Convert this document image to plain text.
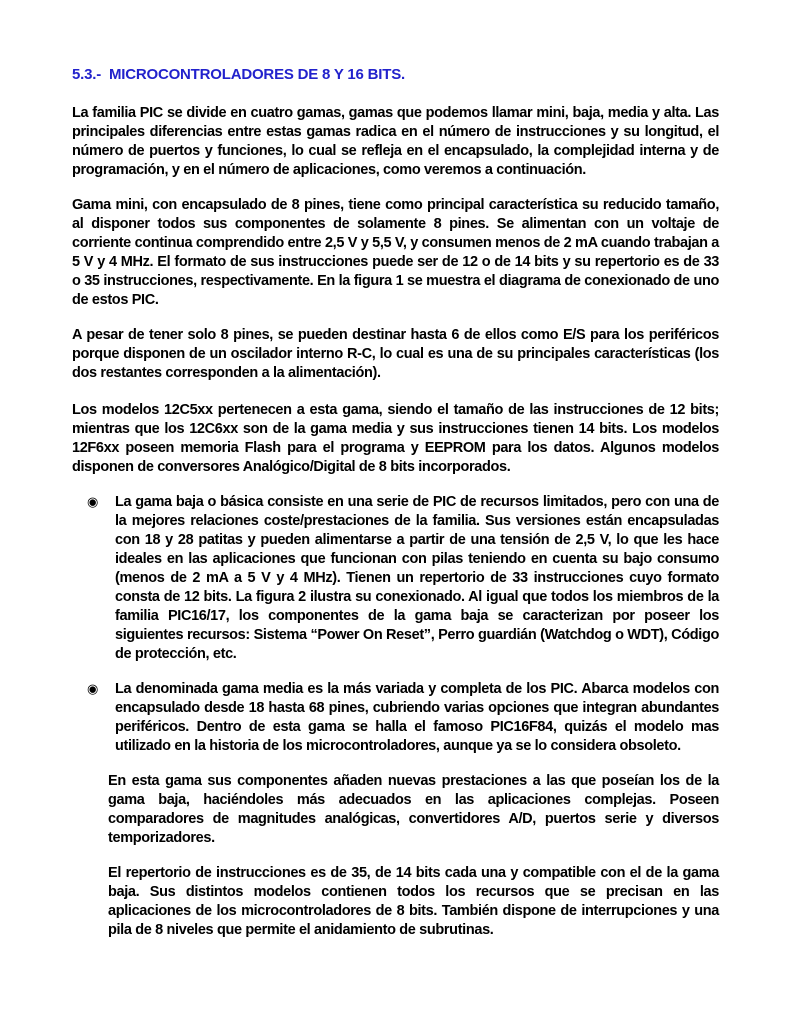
5.3.-  MICROCONTROLADORES DE 8 Y 16 BITS.

La familia PIC se divide en cuatro gamas, gamas que podemos llamar mini, baja, media y alta. Las principales diferencias entre estas gamas radica en el número de instrucciones y su longitud, el número de puertos y funciones, lo cual se refleja en el encapsulado, la complejidad interna y de programación, y en el número de aplicaciones, como veremos a continuación.

Gama mini, con encapsulado de 8 pines, tiene como principal característica su reducido tamaño, al disponer todos sus componentes de solamente 8 pines. Se alimentan con un voltaje de corriente continua comprendido entre 2,5 V y 5,5 V, y consumen menos de 2 mA cuando trabajan a 5 V y 4 MHz. El formato de sus instrucciones puede ser de 12 o de 14 bits y su repertorio es de 33 o 35 instrucciones, respectivamente. En la figura 1 se muestra el diagrama de conexionado de uno de estos PIC.

A pesar de tener solo 8 pines, se pueden destinar hasta 6 de ellos como E/S para los periféricos porque disponen de un oscilador interno R-C, lo cual es una de su principales características (los dos restantes corresponden a la alimentación).

Los modelos 12C5xx pertenecen a esta gama, siendo el tamaño de las instrucciones de 12 bits; mientras que los 12C6xx son de la gama media y sus instrucciones tienen 14 bits. Los modelos 12F6xx poseen memoria Flash para el programa y EEPROM para los datos. Algunos modelos disponen de conversores Analógico/Digital de 8 bits incorporados.

◉ La gama baja o básica consiste en una serie de PIC de recursos limitados, pero con una de la mejores relaciones coste/prestaciones de la familia. Sus versiones están encapsuladas con 18 y 28 patitas y pueden alimentarse a partir de una tensión de 2,5 V, lo que les hace ideales en las aplicaciones que funcionan con pilas teniendo en cuenta su bajo consumo (menos de 2 mA a 5 V y 4 MHz). Tienen un repertorio de 33 instrucciones cuyo formato consta de 12 bits. La figura 2 ilustra su conexionado. Al igual que todos los miembros de la familia PIC16/17, los componentes de la gama baja se caracterizan por poseer los siguientes recursos: Sistema “Power On Reset”, Perro guardián (Watchdog o WDT), Código de protección, etc.
◉ La denominada gama media es la más variada y completa de los PIC. Abarca modelos con encapsulado desde 18 hasta 68 pines, cubriendo varias opciones que integran abundantes periféricos. Dentro de esta gama se halla el famoso PIC16F84, quizás el modelo mas utilizado en la historia de los microcontroladores, aunque ya se lo considera obsoleto.

En esta gama sus componentes añaden nuevas prestaciones a las que poseían los de la gama baja, haciéndoles más adecuados en las aplicaciones complejas. Poseen comparadores de magnitudes analógicas, convertidores A/D, puertos serie y diversos temporizadores.

El repertorio de instrucciones es de 35, de 14 bits cada una y compatible con el de la gama baja. Sus distintos modelos contienen todos los recursos que se precisan en las aplicaciones de los microcontroladores de 8 bits. También dispone de interrupciones y una pila de 8 niveles que permite el anidamiento de subrutinas.
